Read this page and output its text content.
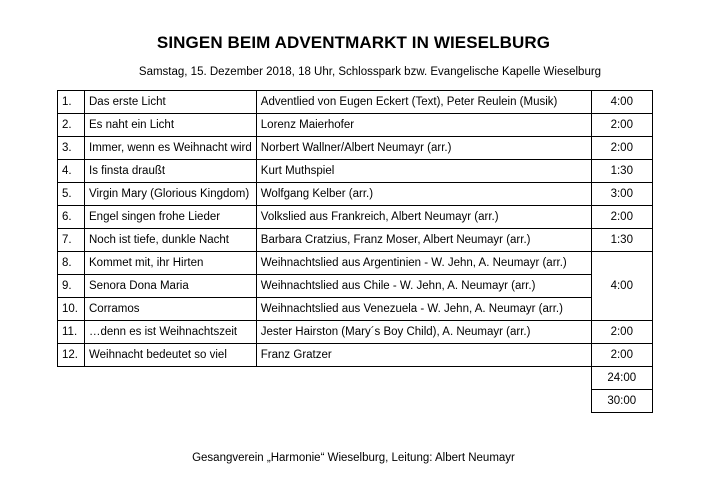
SINGEN BEIM ADVENTMARKT IN WIESELBURG
Samstag, 15. Dezember 2018, 18 Uhr, Schlosspark bzw. Evangelische Kapelle Wieselburg
1.	Das erste Licht	Adventlied von Eugen Eckert (Text), Peter Reulein (Musik)	4:00
2.	Es naht ein Licht	Lorenz Maierhofer	2:00
3.	Immer, wenn es Weihnacht wird	Norbert Wallner/Albert Neumayr (arr.)	2:00
4.	Is finsta draußt	Kurt Muthspiel	1:30
5.	Virgin Mary (Glorious Kingdom)	Wolfgang Kelber (arr.)	3:00
6.	Engel singen frohe Lieder	Volkslied aus Frankreich, Albert Neumayr (arr.)	2:00
7.	Noch ist tiefe, dunkle Nacht	Barbara Cratzius, Franz Moser, Albert Neumayr (arr.)	1:30
8.	Kommet mit, ihr Hirten	Weihnachtslied aus Argentinien - W. Jehn, A. Neumayr (arr.)	4:00
9.	Senora Dona Maria	Weihnachtslied aus Chile - W. Jehn, A. Neumayr (arr.)	
10.	Corramos	Weihnachtslied aus Venezuela - W. Jehn, A. Neumayr (arr.)	
11.	…denn es ist Weihnachtszeit	Jester Hairston (Mary´s Boy Child), A. Neumayr (arr.)	2:00
12.	Weihnacht bedeutet so viel	Franz Gratzer	2:00
			24:00
			30:00
Gesangverein „Harmonie“ Wieselburg, Leitung: Albert Neumayr
